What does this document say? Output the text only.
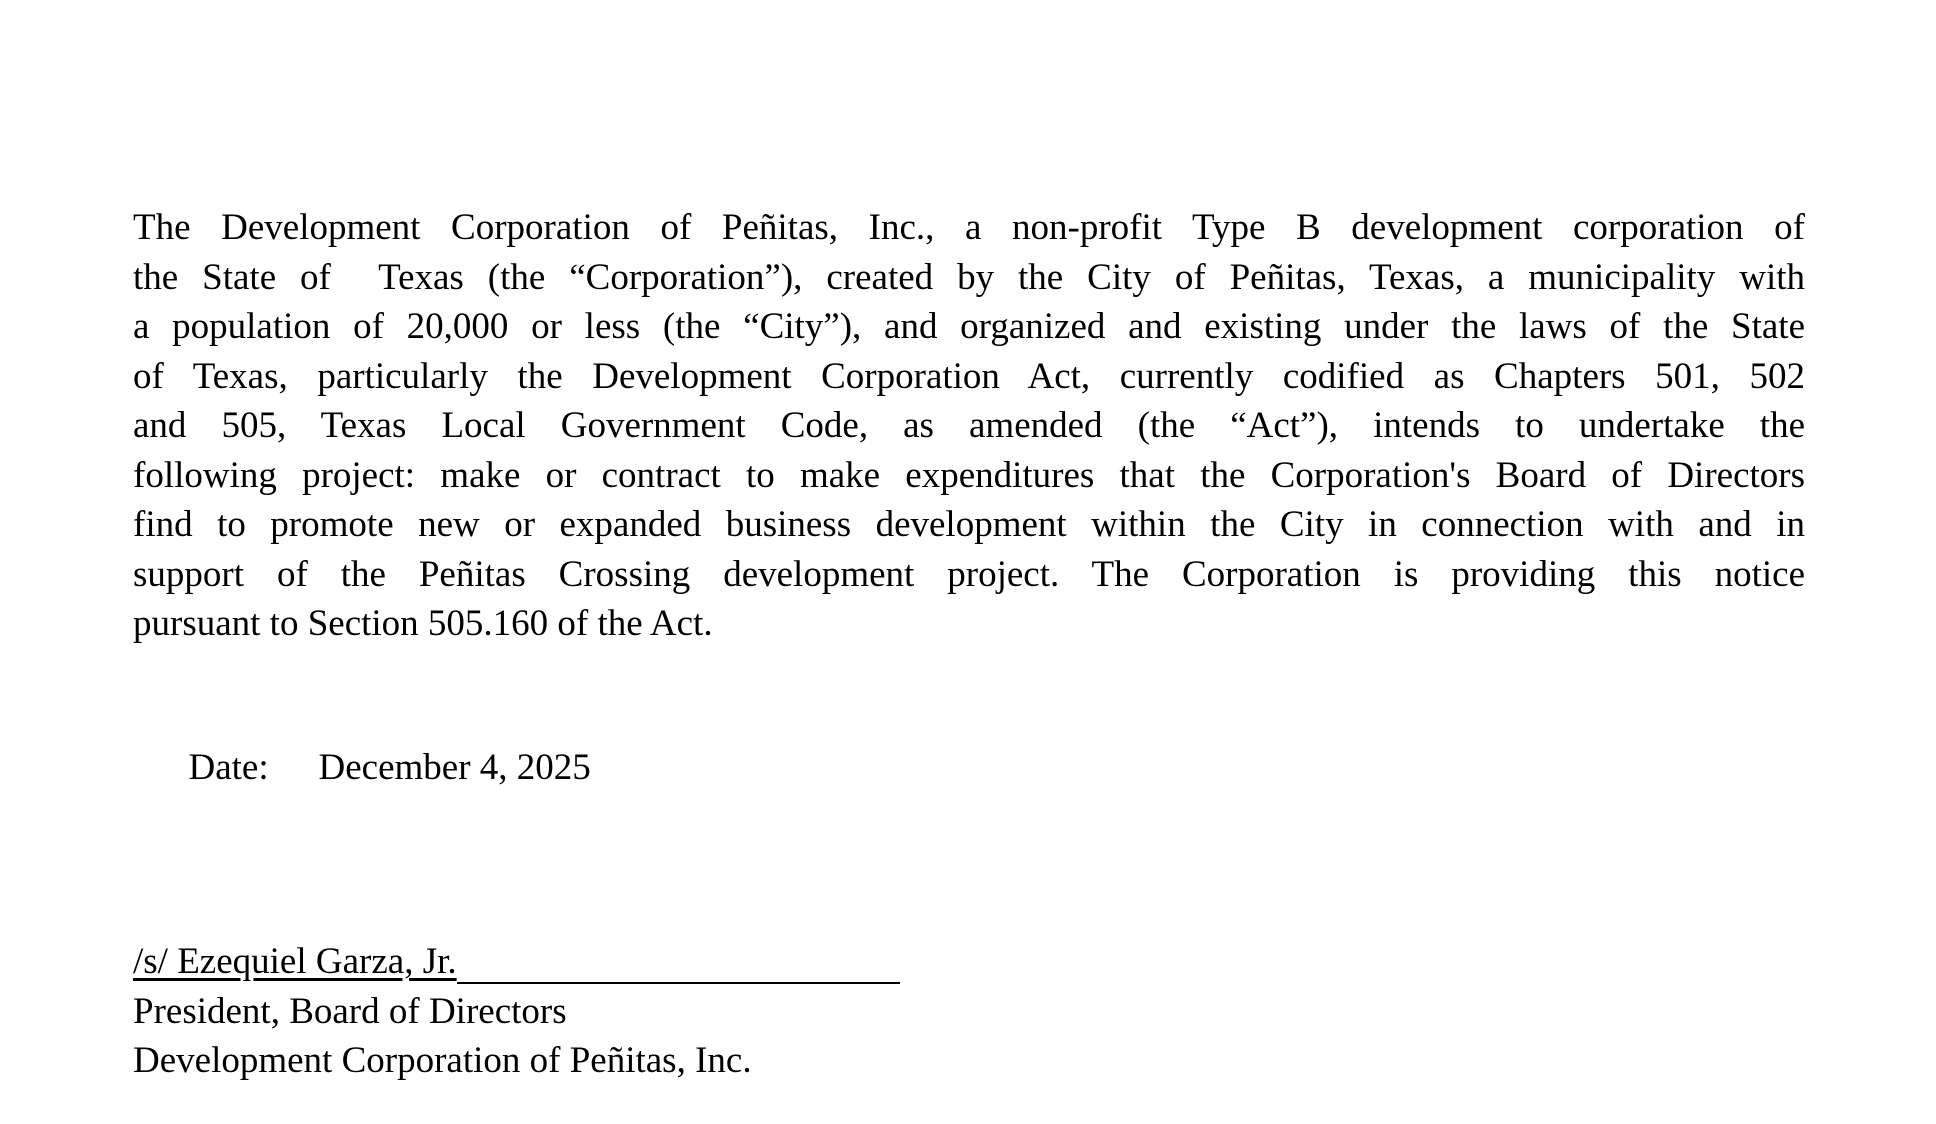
The Development Corporation of Peñitas, Inc., a non-profit Type B development corporation of
the State of  Texas (the “Corporation”), created by the City of Peñitas, Texas, a municipality with
a population of 20,000 or less (the “City”), and organized and existing under the laws of the State
of Texas, particularly the Development Corporation Act, currently codified as Chapters 501, 502
and 505, Texas Local Government Code, as amended (the “Act”), intends to undertake the
following project: make or contract to make expenditures that the Corporation's Board of Directors
find to promote new or expanded business development within the City in connection with and in
support of the Peñitas Crossing development project. The Corporation is providing this notice
pursuant to Section 505.160 of the Act.

Date: December 4, 2025

/s/ Ezequiel Garza, Jr.
President, Board of Directors
Development Corporation of Peñitas, Inc.
